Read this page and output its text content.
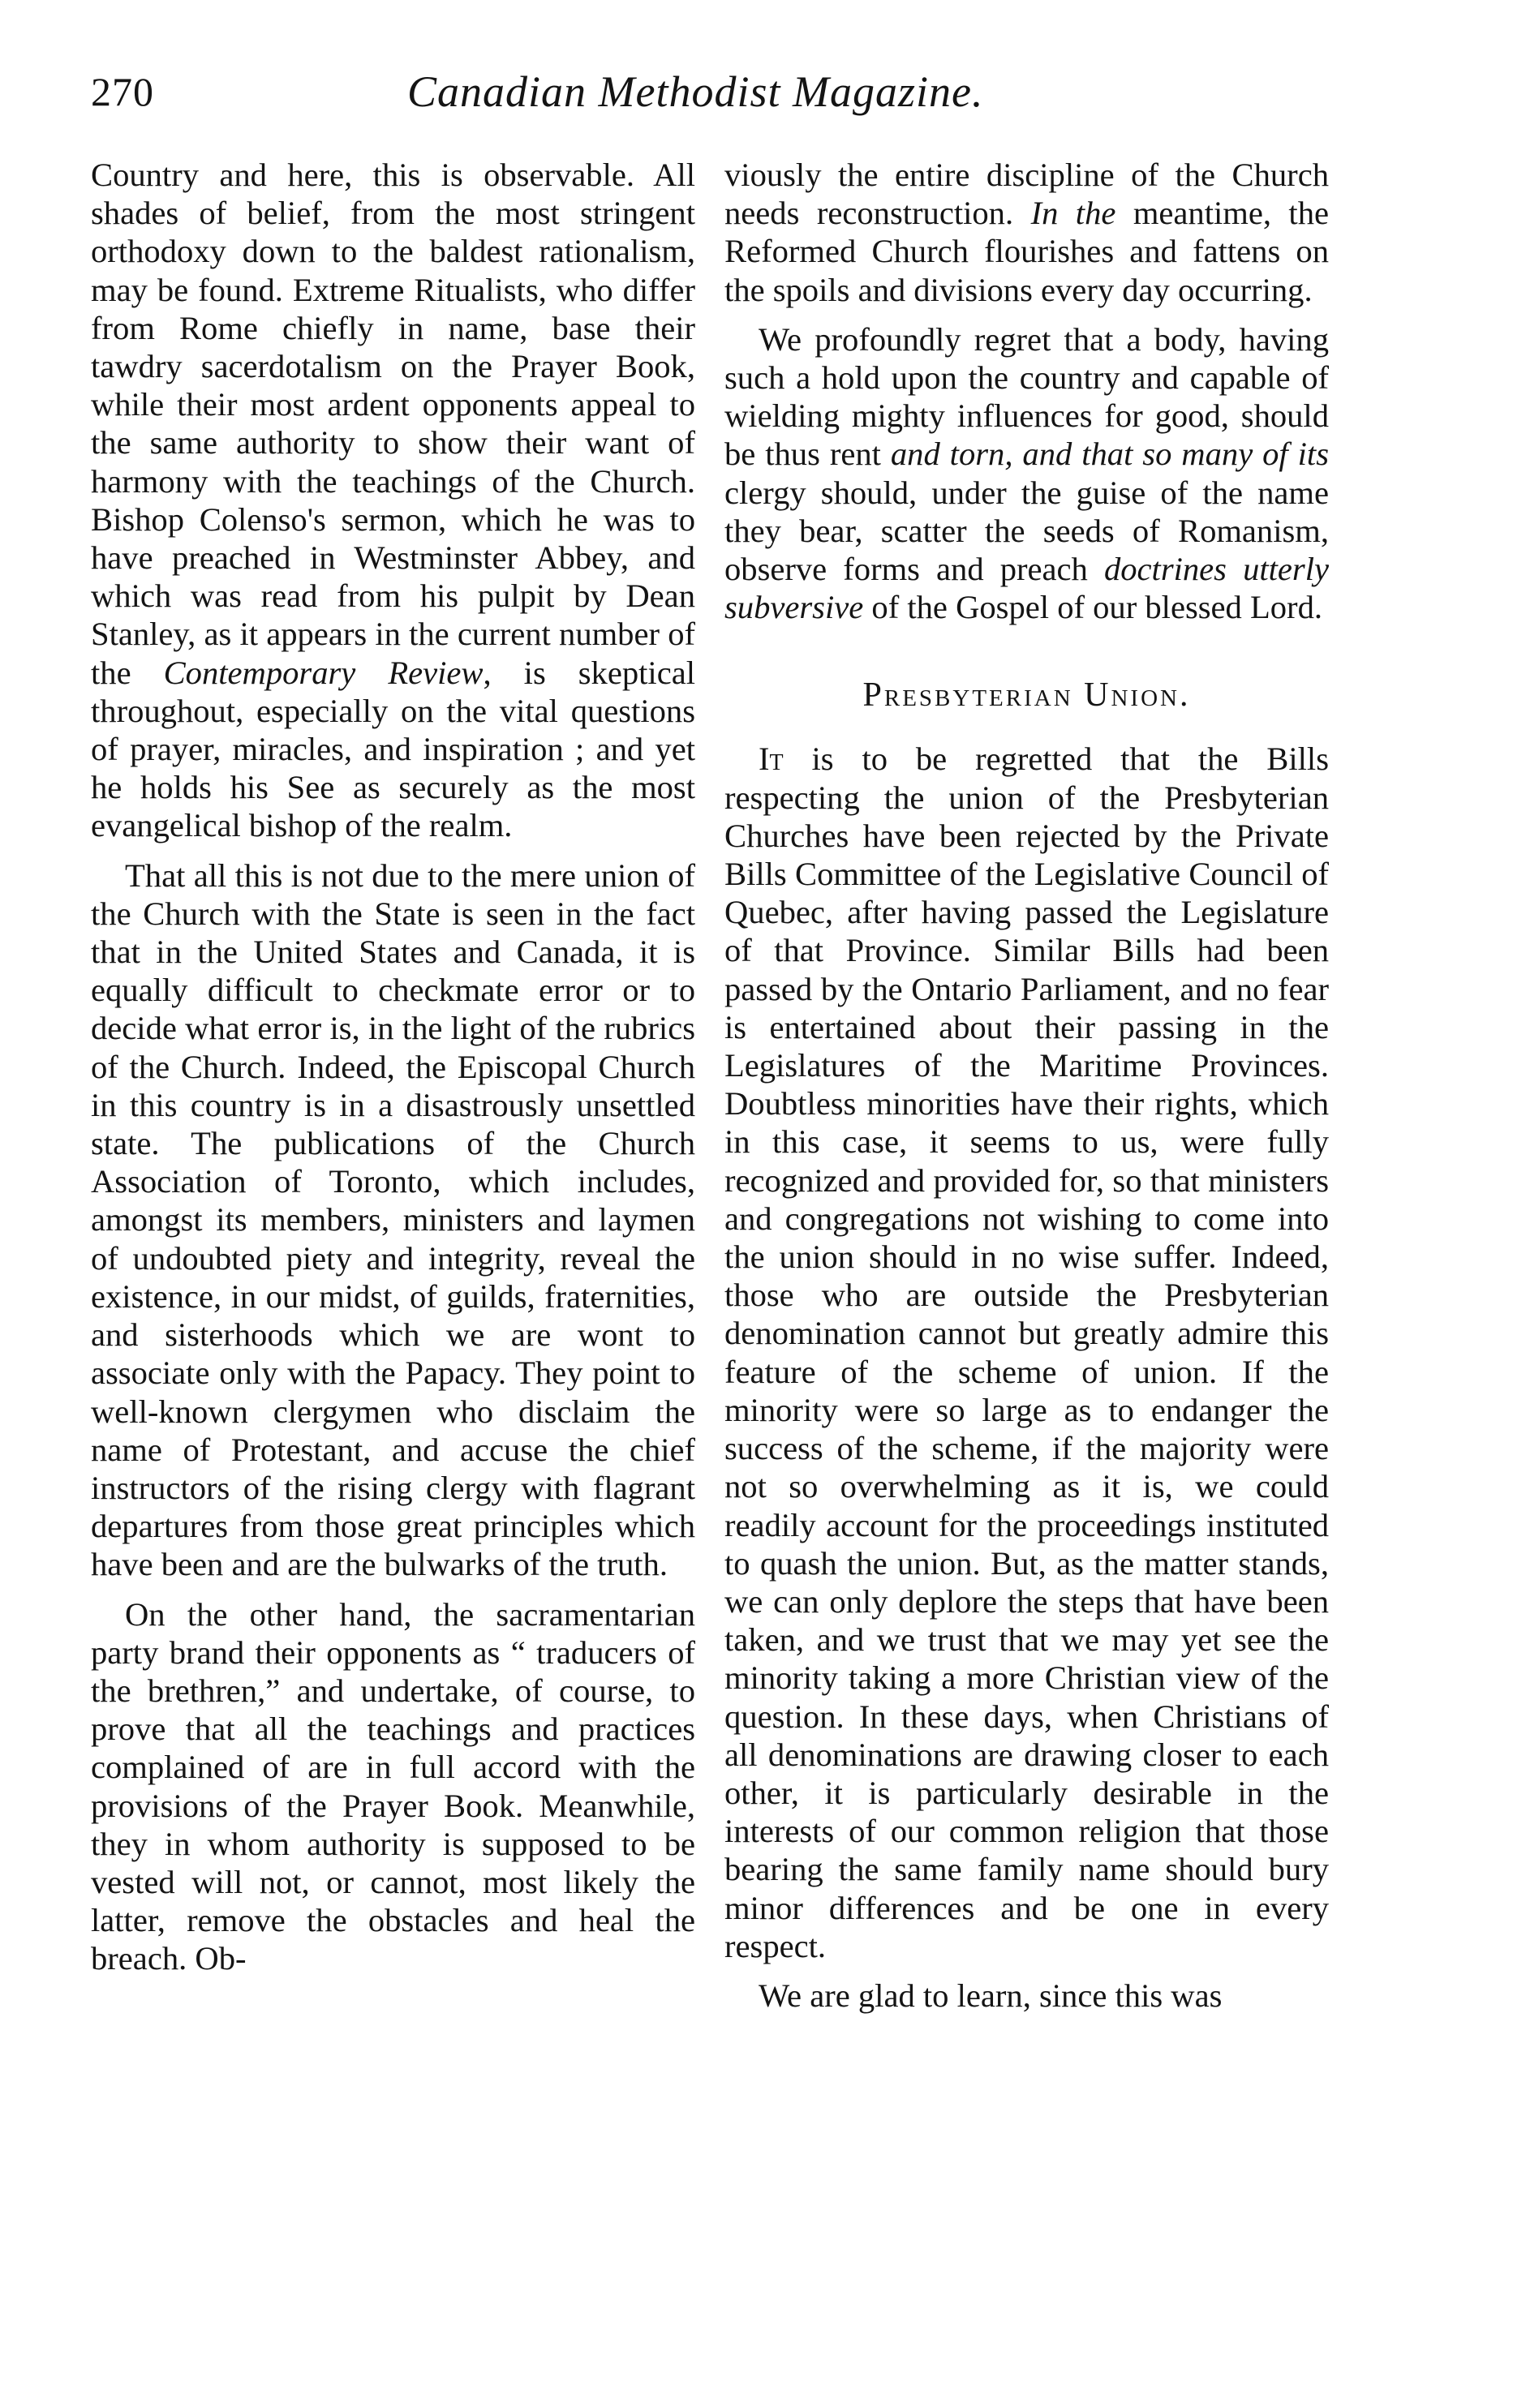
270	Canadian Methodist Magazine.

Country and here, this is observable. All shades of belief, from the most stringent orthodoxy down to the baldest rationalism, may be found. Extreme Ritualists, who differ from Rome chiefly in name, base their tawdry sacerdotalism on the Prayer Book, while their most ardent opponents appeal to the same authority to show their want of harmony with the teachings of the Church. Bishop Colenso's sermon, which he was to have preached in Westminster Abbey, and which was read from his pulpit by Dean Stanley, as it appears in the current number of the Contemporary Review, is skeptical throughout, especially on the vital questions of prayer, miracles, and inspiration ; and yet he holds his See as securely as the most evangelical bishop of the realm.

That all this is not due to the mere union of the Church with the State is seen in the fact that in the United States and Canada, it is equally difficult to checkmate error or to decide what error is, in the light of the rubrics of the Church. Indeed, the Episcopal Church in this country is in a disastrously unsettled state. The publications of the Church Association of Toronto, which includes, amongst its members, ministers and laymen of undoubted piety and integrity, reveal the existence, in our midst, of guilds, fraternities, and sisterhoods which we are wont to associate only with the Papacy. They point to well-known clergymen who disclaim the name of Protestant, and accuse the chief instructors of the rising clergy with flagrant departures from those great principles which have been and are the bulwarks of the truth.

On the other hand, the sacramentarian party brand their opponents as “ traducers of the brethren,” and undertake, of course, to prove that all the teachings and practices complained of are in full accord with the provisions of the Prayer Book. Meanwhile, they in whom authority is supposed to be vested will not, or cannot, most likely the latter, remove the obstacles and heal the breach. Ob-

viously the entire discipline of the Church needs reconstruction. In the meantime, the Reformed Church flourishes and fattens on the spoils and divisions every day occurring.

We profoundly regret that a body, having such a hold upon the country and capable of wielding mighty influences for good, should be thus rent and torn, and that so many of its clergy should, under the guise of the name they bear, scatter the seeds of Romanism, observe forms and preach doctrines utterly subversive of the Gospel of our blessed Lord.

Presbyterian Union.

It is to be regretted that the Bills respecting the union of the Presbyterian Churches have been rejected by the Private Bills Committee of the Legislative Council of Quebec, after having passed the Legislature of that Province. Similar Bills had been passed by the Ontario Parliament, and no fear is entertained about their passing in the Legislatures of the Maritime Provinces. Doubtless minorities have their rights, which in this case, it seems to us, were fully recognized and provided for, so that ministers and congregations not wishing to come into the union should in no wise suffer. Indeed, those who are outside the Presbyterian denomination cannot but greatly admire this feature of the scheme of union. If the minority were so large as to endanger the success of the scheme, if the majority were not so overwhelming as it is, we could readily account for the proceedings instituted to quash the union. But, as the matter stands, we can only deplore the steps that have been taken, and we trust that we may yet see the minority taking a more Christian view of the question. In these days, when Christians of all denominations are drawing closer to each other, it is particularly desirable in the interests of our common religion that those bearing the same family name should bury minor differences and be one in every respect.

We are glad to learn, since this was
